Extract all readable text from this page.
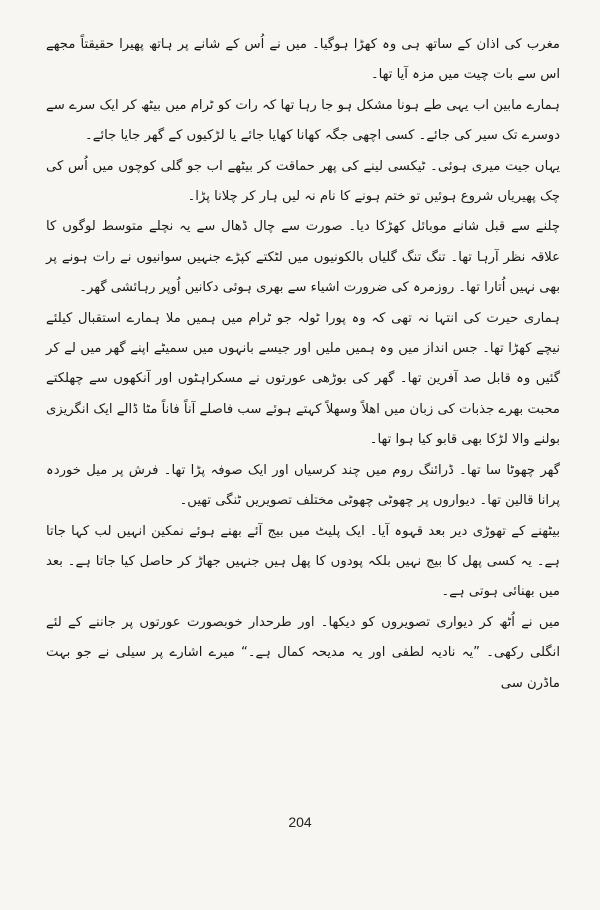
مغرب کی اذان کے ساتھ ہی وہ کھڑا ہوگیا۔ میں نے اُس کے شانے پر ہاتھ پھیرا حقیقتاً مجھے اس سے بات چیت میں مزہ آیا تھا۔

ہمارے مابین اب یہی طے ہونا مشکل ہو جا رہا تھا کہ رات کو ٹرام میں بیٹھ کر ایک سرے سے دوسرے تک سیر کی جائے۔ کسی اچھی جگہ کھانا کھایا جائے یا لڑکیوں کے گھر جایا جائے۔

یہاں جیت میری ہوئی۔ ٹیکسی لینے کی پھر حماقت کر بیٹھے اب جو گلی کوچوں میں اُس کی چک پھیریاں شروع ہوئیں تو ختم ہونے کا نام نہ لیں ہار کر چلانا پڑا۔

چلنے سے قبل شانے موبائل کھڑکا دیا۔ صورت سے چال ڈھال سے یہ نچلے متوسط لوگوں کا علاقہ نظر آرہا تھا۔ تنگ تنگ گلیاں بالکونیوں میں لٹکتے کپڑے جنہیں سوانیوں نے رات ہونے پر بھی نہیں اُتارا تھا۔ روزمرہ کی ضرورت اشیاء سے بھری ہوئی دکانیں اُوپر رہائشی گھر۔

ہماری حیرت کی انتہا نہ تھی کہ وہ پورا ٹولہ جو ٹرام میں ہمیں ملا ہمارے استقبال کیلئے نیچے کھڑا تھا۔ جس انداز میں وہ ہمیں ملیں اور جیسے بانہوں میں سمیٹے اپنے گھر میں لے کر گئیں وہ قابل صد آفرین تھا۔ گھر کی بوڑھی عورتوں نے مسکراہٹوں اور آنکھوں سے چھلکتے محبت بھرے جذبات کی زبان میں اھلاً وسھلاً کہتے ہوئے سب فاصلے آناً فاناً مٹا ڈالے ایک انگریزی بولنے والا لڑکا بھی قابو کیا ہوا تھا۔

گھر چھوٹا سا تھا۔ ڈرائنگ روم میں چند کرسیاں اور ایک صوفہ پڑا تھا۔ فرش پر میل خوردہ پرانا قالین تھا۔ دیواروں پر چھوٹی چھوٹی مختلف تصویریں ٹنگی تھیں۔

بیٹھنے کے تھوڑی دیر بعد قہوہ آیا۔ ایک پلیٹ میں بیج آئے بھنے ہوئے نمکین انہیں لب کہا جاتا ہے۔ یہ کسی پھل کا بیج نہیں بلکہ پودوں کا پھل ہیں جنہیں جھاڑ کر حاصل کیا جاتا ہے۔ بعد میں بھنائی ہوتی ہے۔

میں نے اُٹھ کر دیواری تصویروں کو دیکھا۔ اور طرحدار خوبصورت عورتوں پر جاننے کے لئے انگلی رکھی۔ ”یہ نادیہ لطفی اور یہ مدیحہ کمال ہے۔“ میرے اشارے پر سیلی نے جو بہت ماڈرن سی

204
